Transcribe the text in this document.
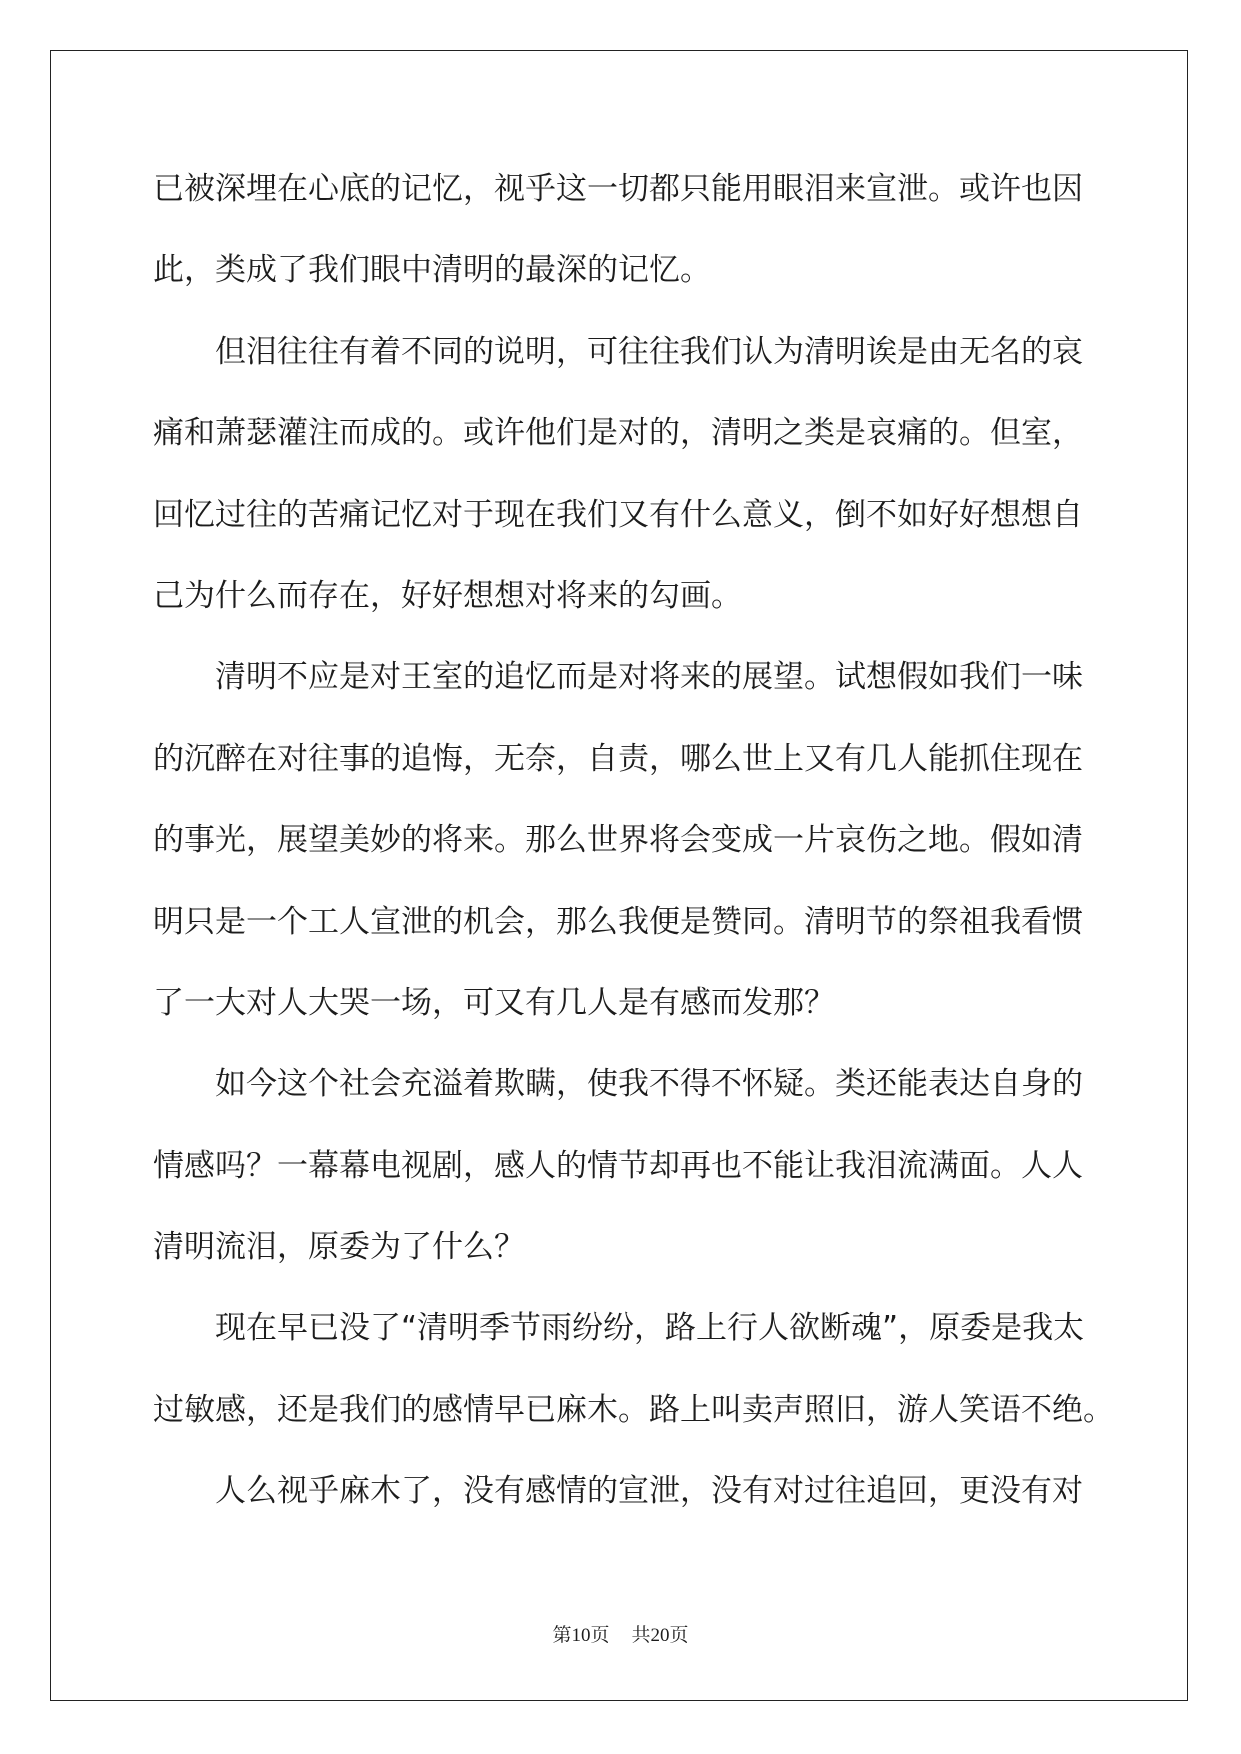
已被深埋在心底的记忆，视乎这一切都只能用眼泪来宣泄。或许也因
此，类成了我们眼中清明的最深的记忆。
但泪往往有着不同的说明，可往往我们认为清明诶是由无名的哀
痛和萧瑟灌注而成的。或许他们是对的，清明之类是哀痛的。但室，
回忆过往的苦痛记忆对于现在我们又有什么意义，倒不如好好想想自
己为什么而存在，好好想想对将来的勾画。
清明不应是对王室的追忆而是对将来的展望。试想假如我们一味
的沉醉在对往事的追悔，无奈，自责，哪么世上又有几人能抓住现在
的事光，展望美妙的将来。那么世界将会变成一片哀伤之地。假如清
明只是一个工人宣泄的机会，那么我便是赞同。清明节的祭祖我看惯
了一大对人大哭一场，可又有几人是有感而发那？
如今这个社会充溢着欺瞒，使我不得不怀疑。类还能表达自身的
情感吗？一幕幕电视剧，感人的情节却再也不能让我泪流满面。人人
清明流泪，原委为了什么？
现在早已没了“清明季节雨纷纷，路上行人欲断魂”，原委是我太
过敏感，还是我们的感情早已麻木。路上叫卖声照旧，游人笑语不绝。
人么视乎麻木了，没有感情的宣泄，没有对过往追回，更没有对
第10页 共20页
